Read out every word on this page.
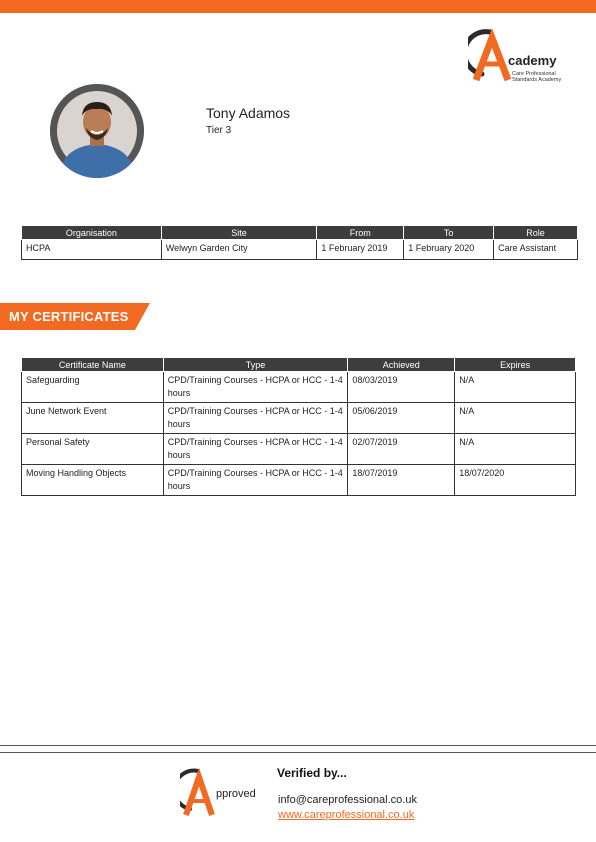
cademy
Care Professional Standards Academy
Tony Adamos
Tier 3
Organisation	Site	From	To	Role
HCPA	Welwyn Garden City	1 February 2019	1 February 2020	Care Assistant
MY CERTIFICATES
Certificate Name	Type	Achieved	Expires
Safeguarding	CPD/Training Courses - HCPA or HCC - 1-4 hours	08/03/2019	N/A
June Network Event	CPD/Training Courses - HCPA or HCC - 1-4 hours	05/06/2019	N/A
Personal Safety	CPD/Training Courses - HCPA or HCC - 1-4 hours	02/07/2019	N/A
Moving Handling Objects	CPD/Training Courses - HCPA or HCC - 1-4 hours	18/07/2019	18/07/2020
pproved
Verified by...
info@careprofessional.co.uk
www.careprofessional.co.uk
